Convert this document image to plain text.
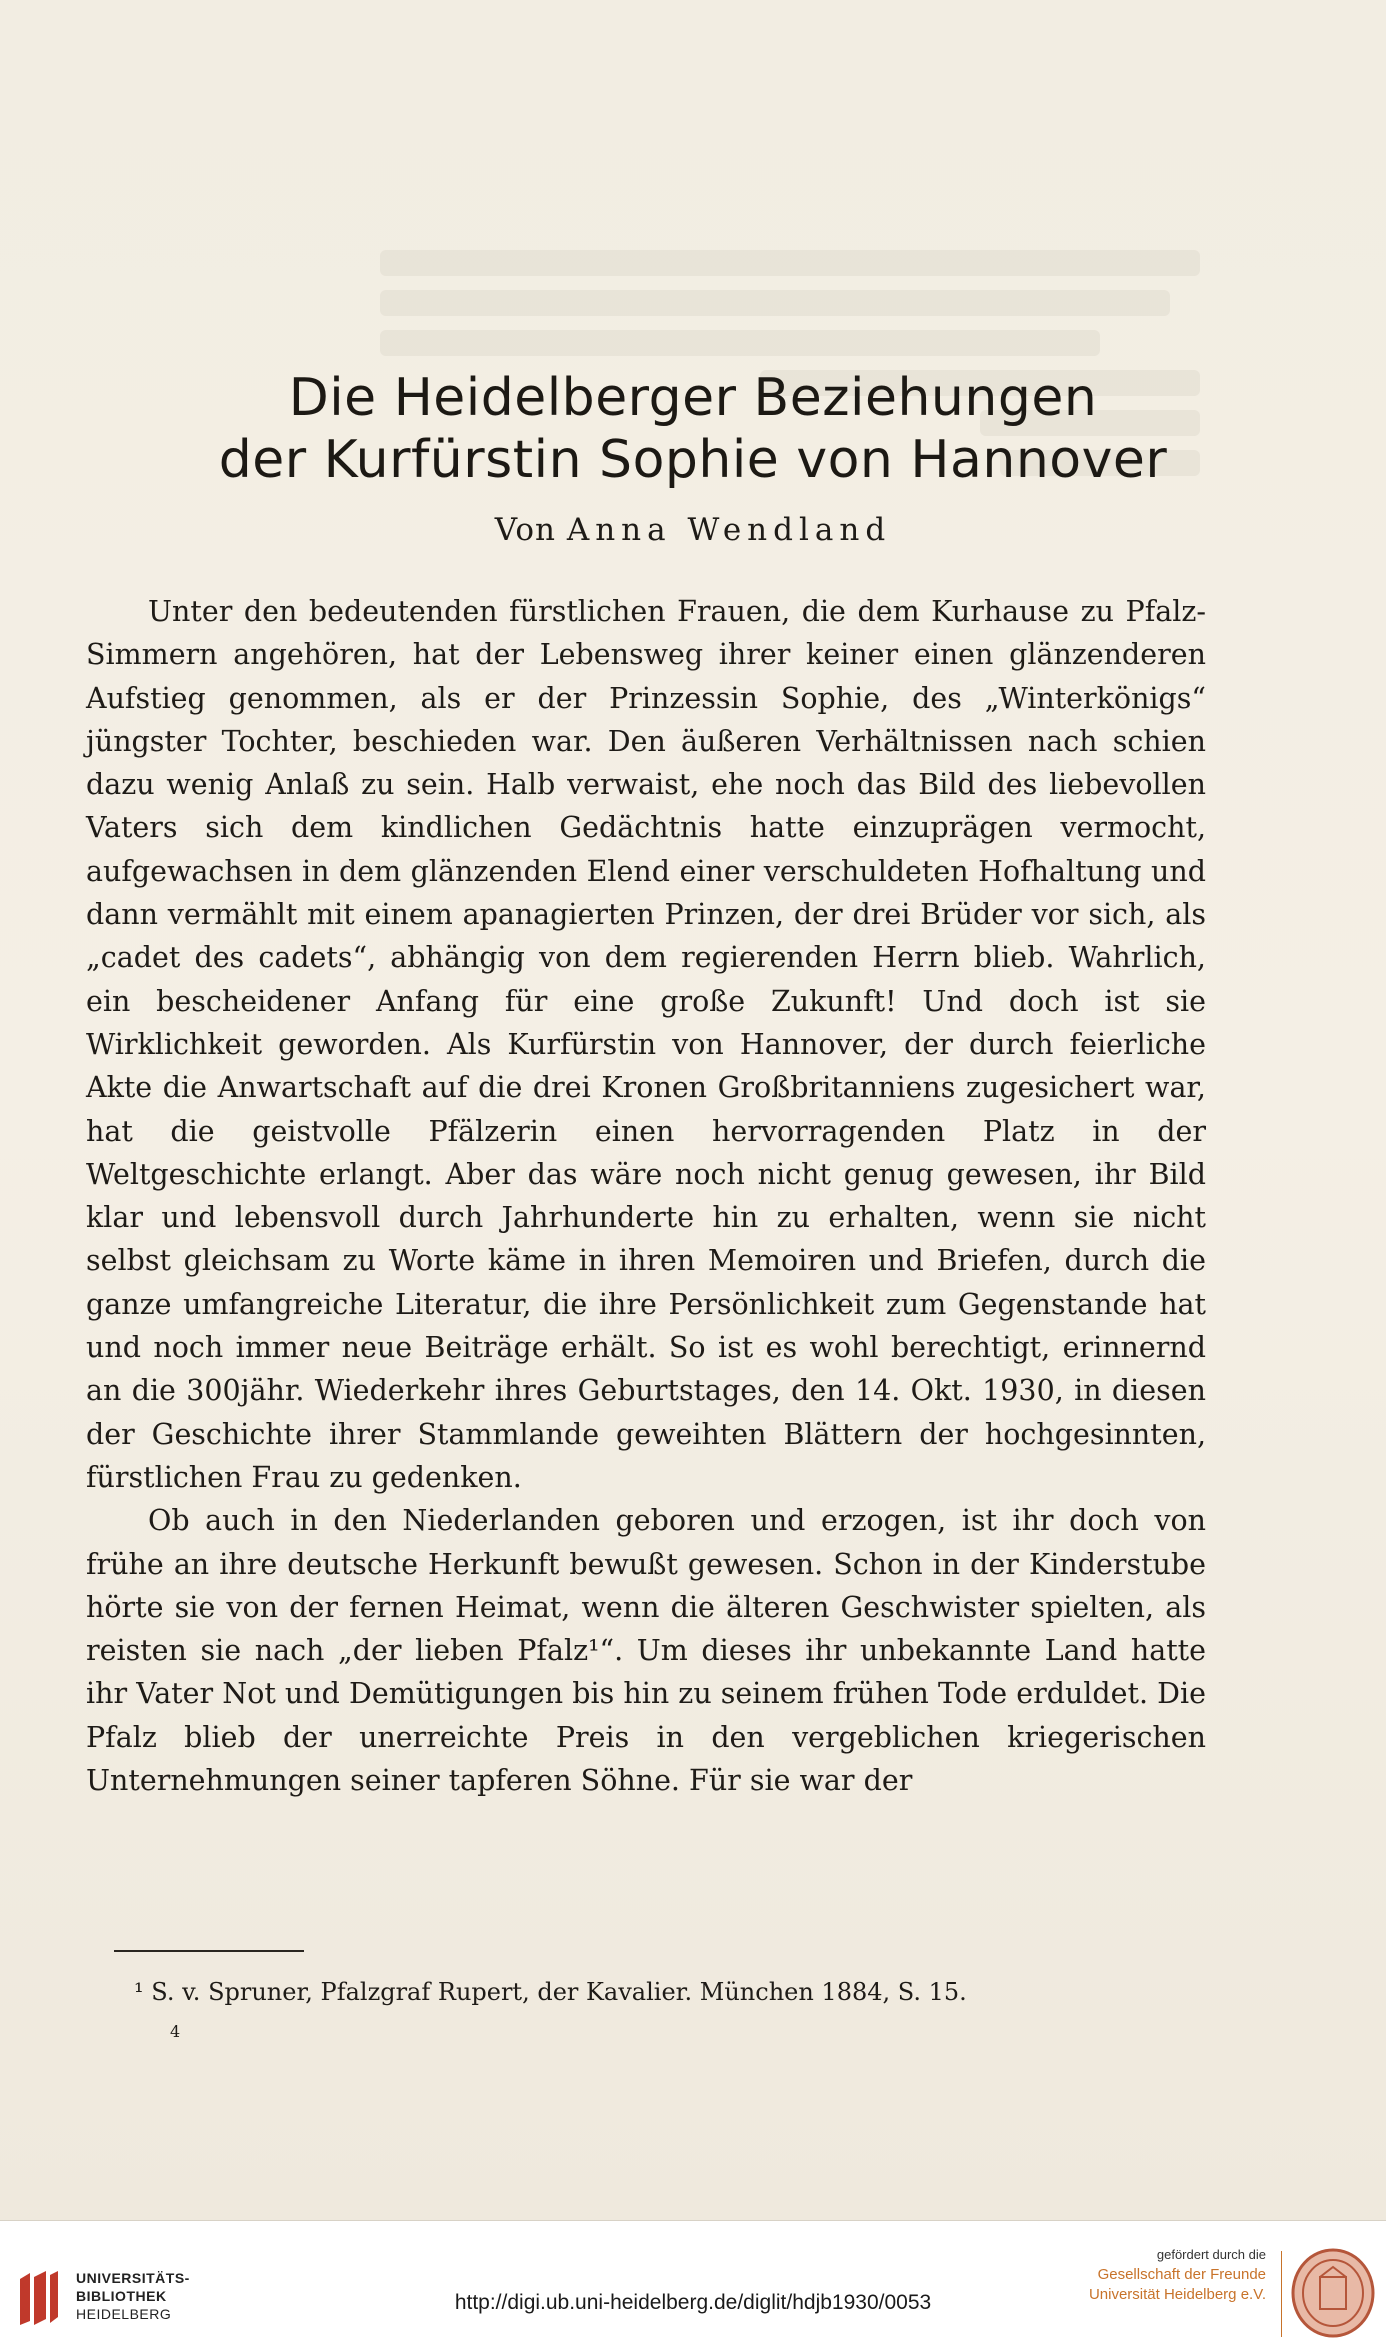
Die Heidelberger Beziehungen
der Kurfürstin Sophie von Hannover
Von Anna Wendland

Unter den bedeutenden fürstlichen Frauen, die dem Kurhause zu Pfalz-Simmern angehören, hat der Lebensweg ihrer keiner einen glänzenderen Aufstieg genommen, als er der Prinzessin Sophie, des „Winterkönigs“ jüngster Tochter, beschieden war. Den äußeren Verhältnissen nach schien dazu wenig Anlaß zu sein. Halb verwaist, ehe noch das Bild des liebevollen Vaters sich dem kindlichen Gedächtnis hatte einzuprägen vermocht, aufgewachsen in dem glänzenden Elend einer verschuldeten Hofhaltung und dann vermählt mit einem apanagierten Prinzen, der drei Brüder vor sich, als „cadet des cadets“, abhängig von dem regierenden Herrn blieb. Wahrlich, ein bescheidener Anfang für eine große Zukunft! Und doch ist sie Wirklichkeit geworden. Als Kurfürstin von Hannover, der durch feierliche Akte die Anwartschaft auf die drei Kronen Großbritanniens zugesichert war, hat die geistvolle Pfälzerin einen hervorragenden Platz in der Weltgeschichte erlangt. Aber das wäre noch nicht genug gewesen, ihr Bild klar und lebensvoll durch Jahrhunderte hin zu erhalten, wenn sie nicht selbst gleichsam zu Worte käme in ihren Memoiren und Briefen, durch die ganze umfangreiche Literatur, die ihre Persönlichkeit zum Gegenstande hat und noch immer neue Beiträge erhält. So ist es wohl berechtigt, erinnernd an die 300jähr. Wiederkehr ihres Geburtstages, den 14. Okt. 1930, in diesen der Geschichte ihrer Stammlande geweihten Blättern der hochgesinnten, fürstlichen Frau zu gedenken.

Ob auch in den Niederlanden geboren und erzogen, ist ihr doch von frühe an ihre deutsche Herkunft bewußt gewesen. Schon in der Kinderstube hörte sie von der fernen Heimat, wenn die älteren Geschwister spielten, als reisten sie nach „der lieben Pfalz¹“. Um dieses ihr unbekannte Land hatte ihr Vater Not und Demütigungen bis hin zu seinem frühen Tode erduldet. Die Pfalz blieb der unerreichte Preis in den vergeblichen kriegerischen Unternehmungen seiner tapferen Söhne. Für sie war der

¹ S. v. Spruner, Pfalzgraf Rupert, der Kavalier. München 1884, S. 15.
4
UNIVERSITÄTS-
BIBLIOTHEK
HEIDELBERG	http://digi.ub.uni-heidelberg.de/diglit/hdjb1930/0053
gefördert durch die
Gesellschaft der Freunde
Universität Heidelberg e.V.
